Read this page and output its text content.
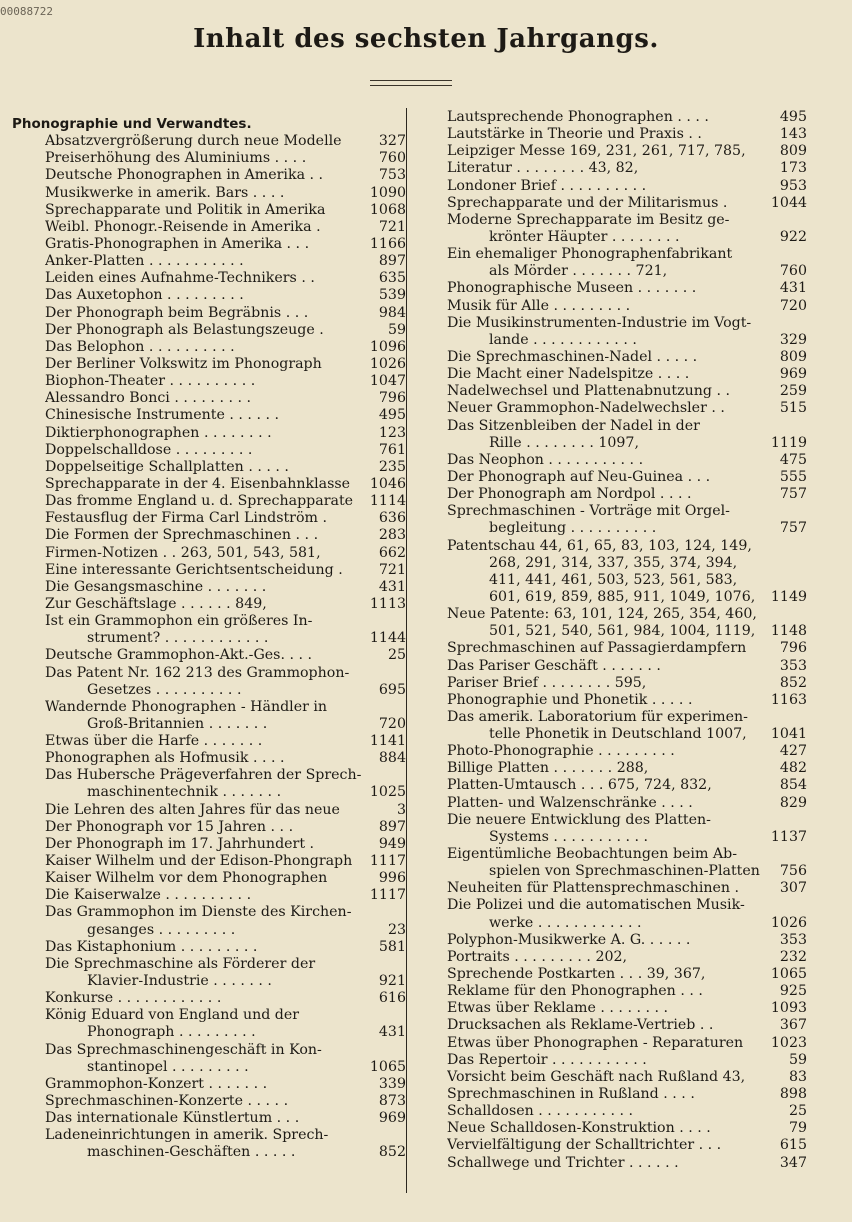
00088722
Inhalt des sechsten Jahrgangs.
Phonographie und Verwandtes.
Absatzvergrößerung durch neue Modelle	327
Preiserhöhung des Aluminiums . . . .	760
Deutsche Phonographen in Amerika . .	753
Musikwerke in amerik. Bars . . . .	1090
Sprechapparate und Politik in Amerika	1068
Weibl. Phonogr.-Reisende in Amerika .	721
Gratis-Phonographen in Amerika . . .	1166
Anker-Platten . . . . . . . . . . .	897
Leiden eines Aufnahme-Technikers . .	635
Das Auxetophon . . . . . . . . .	539
Der Phonograph beim Begräbnis . . .	984
Der Phonograph als Belastungszeuge .	59
Das Belophon . . . . . . . . . .	1096
Der Berliner Volkswitz im Phonograph	1026
Biophon-Theater . . . . . . . . . .	1047
Alessandro Bonci . . . . . . . . .	796
Chinesische Instrumente . . . . . .	495
Diktierphonographen . . . . . . . .	123
Doppelschalldose . . . . . . . . .	761
Doppelseitige Schallplatten . . . . .	235
Sprechapparate in der 4. Eisenbahnklasse 1046
Das fromme England u. d. Sprechapparate 1114
Festausflug der Firma Carl Lindström .	636
Die Formen der Sprechmaschinen . . .	283
Firmen-Notizen . . 263, 501, 543, 581,	662
Eine interessante Gerichtsentscheidung .	721
Die Gesangsmaschine . . . . . . .	431
Zur Geschäftslage . . . . . . 849,	1113
Ist ein Grammophon ein größeres In-
strument? . . . . . . . . . . . .	1144
Deutsche Grammophon-Akt.-Ges. . . .	25
Das Patent Nr. 162 213 des Grammophon-
Gesetzes . . . . . . . . . .	695
Wandernde Phonographen - Händler in
Groß-Britannien . . . . . . .	720
Etwas über die Harfe . . . . . . .	1141
Phonographen als Hofmusik . . . .	884
Das Hubersche Prägeverfahren der Sprech-
maschinentechnik . . . . . . .	1025
Die Lehren des alten Jahres für das neue	3
Der Phonograph vor 15 Jahren . . .	897
Der Phonograph im 17. Jahrhundert .	949
Kaiser Wilhelm und der Edison-Phongraph 1117
Kaiser Wilhelm vor dem Phonographen	996
Die Kaiserwalze . . . . . . . . . .	1117
Das Grammophon im Dienste des Kirchen-
gesanges . . . . . . . . .	23
Das Kistaphonium . . . . . . . . .	581
Die Sprechmaschine als Förderer der
Klavier-Industrie . . . . . . .	921
Konkurse . . . . . . . . . . . .	616
König Eduard von England und der
Phonograph . . . . . . . . .	431
Das Sprechmaschinengeschäft in Kon-
stantinopel . . . . . . . . .	1065
Grammophon-Konzert . . . . . . .	339
Sprechmaschinen-Konzerte . . . . .	873
Das internationale Künstlertum . . .	969
Ladeneinrichtungen in amerik. Sprech-
maschinen-Geschäften . . . . .	852
Lautsprechende Phonographen . . . .	495
Lautstärke in Theorie und Praxis . .	143
Leipziger Messe 169, 231, 261, 717, 785, 809
Literatur . . . . . . . . 43, 82,	173
Londoner Brief . . . . . . . . . .	953
Sprechapparate und der Militarismus .	1044
Moderne Sprechapparate im Besitz ge-
krönter Häupter . . . . . . . .	922
Ein ehemaliger Phonographenfabrikant
als Mörder . . . . . . . 721,	760
Phonographische Museen . . . . . . .	431
Musik für Alle . . . . . . . . .	720
Die Musikinstrumenten-Industrie im Vogt-
lande . . . . . . . . . . . .	329
Die Sprechmaschinen-Nadel . . . . .	809
Die Macht einer Nadelspitze . . . .	969
Nadelwechsel und Plattenabnutzung . .	259
Neuer Grammophon-Nadelwechsler . .	515
Das Sitzenbleiben der Nadel in der
Rille . . . . . . . . 1097,	1119
Das Neophon . . . . . . . . . . .	475
Der Phonograph auf Neu-Guinea . . .	555
Der Phonograph am Nordpol . . . .	757
Sprechmaschinen - Vorträge mit Orgel-
begleitung . . . . . . . . . .	757
Patentschau 44, 61, 65, 83, 103, 124, 149,
268, 291, 314, 337, 355, 374, 394,
411, 441, 461, 503, 523, 561, 583,
601, 619, 859, 885, 911, 1049, 1076, 1149
Neue Patente: 63, 101, 124, 265, 354, 460,
501, 521, 540, 561, 984, 1004, 1119, 1148
Sprechmaschinen auf Passagierdampfern 796
Das Pariser Geschäft . . . . . . .	353
Pariser Brief . . . . . . . . 595,	852
Phonographie und Phonetik . . . . .	1163
Das amerik. Laboratorium für experimen-
telle Phonetik in Deutschland 1007, 1041
Photo-Phonographie . . . . . . . . .	427
Billige Platten . . . . . . . 288,	482
Platten-Umtausch . . . 675, 724, 832,	854
Platten- und Walzenschränke . . . .	829
Die neuere Entwicklung des Platten-
Systems . . . . . . . . . . .	1137
Eigentümliche Beobachtungen beim Ab-
spielen von Sprechmaschinen-Platten 756
Neuheiten für Plattensprechmaschinen .	307
Die Polizei und die automatischen Musik-
werke . . . . . . . . . . . .	1026
Polyphon-Musikwerke A. G. . . . . .	353
Portraits . . . . . . . . . 202,	232
Sprechende Postkarten . . . 39, 367,	1065
Reklame für den Phonographen . . .	925
Etwas über Reklame . . . . . . . .	1093
Drucksachen als Reklame-Vertrieb . .	367
Etwas über Phonographen - Reparaturen 1023
Das Repertoir . . . . . . . . . . .	59
Vorsicht beim Geschäft nach Rußland 43,	83
Sprechmaschinen in Rußland . . . .	898
Schalldosen . . . . . . . . . . .	25
Neue Schalldosen-Konstruktion . . . .	79
Vervielfältigung der Schalltrichter . . .	615
Schallwege und Trichter . . . . . .	347
